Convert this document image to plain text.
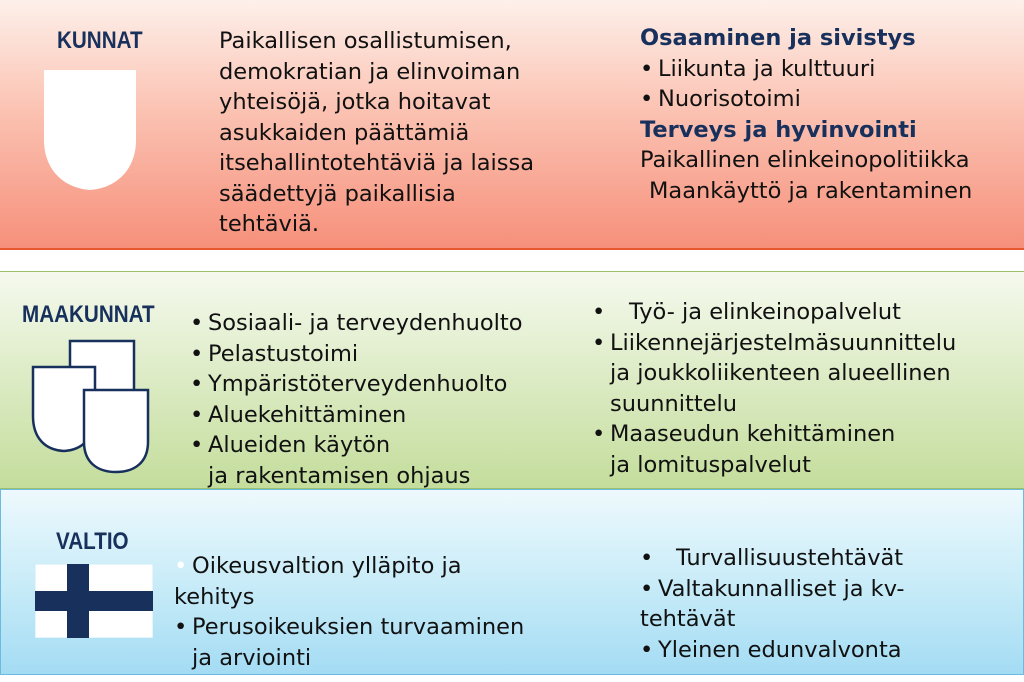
KUNNAT	Paikallisen osallistumisen,
demokratian ja elinvoiman
yhteisöjä, jotka hoitavat
asukkaiden päättämiä
itsehallintotehtäviä ja laissa
säädettyjä paikallisia
tehtäviä.
Osaaminen ja sivistys
• Liikunta ja kulttuuri
• Nuorisotoimi
Terveys ja hyvinvointi
Paikallinen elinkeinopolitiikka
Maankäyttö ja rakentaminen
MAAKUNNAT • Sosiaali- ja terveydenhuolto
• Pelastustoimi
• Ympäristöterveydenhuolto
• Aluekehittäminen
• Alueiden käytön
ja rakentamisen ohjaus
• Työ- ja elinkeinopalvelut
• Liikennejärjestelmäsuunnittelu
ja joukkoliikenteen alueellinen
suunnittelu
• Maaseudun kehittäminen
ja lomituspalvelut
VALTIO
• Oikeusvaltion ylläpito ja
kehitys
• Perusoikeuksien turvaaminen
ja arviointi
• Turvallisuustehtävät
• Valtakunnalliset ja kv-
tehtävät
• Yleinen edunvalvonta
